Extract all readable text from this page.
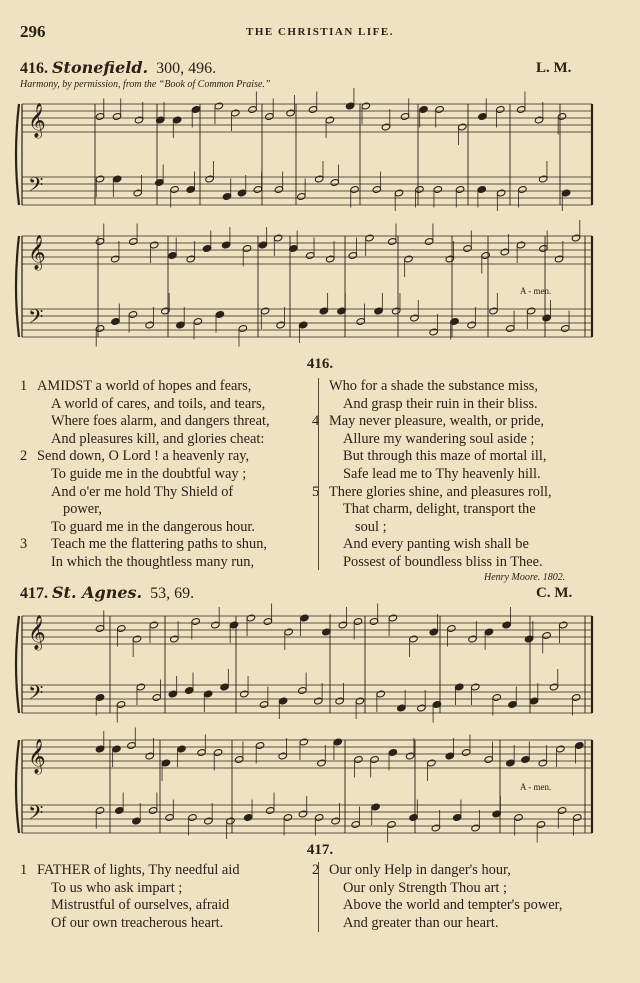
296	THE CHRISTIAN LIFE.
416. Stonefield. 300, 496.	L. M.
Harmony, by permission, from the “Book of Common Praise.”
𝄞
𝄢
𝄞
𝄢
𝄞
𝄢
𝄞
𝄢
A - men.
A - men.
416.
1 AMIDST a world of hopes and fears,
A world of cares, and toils, and tears,
Where foes alarm, and dangers threat,
And pleasures kill, and glories cheat:
2 Send down, O Lord ! a heavenly ray,
To guide me in the doubtful way ;
And o'er me hold Thy Shield of
power,
To guard me in the dangerous hour.
3	Teach me the flattering paths to shun,
In which the thoughtless many run,
Who for a shade the substance miss,
And grasp their ruin in their bliss.
4 May never pleasure, wealth, or pride,
Allure my wandering soul aside ;
But through this maze of mortal ill,
Safe lead me to Thy heavenly hill.
5 There glories shine, and pleasures roll,
That charm, delight, transport the
soul ;
And every panting wish shall be
Possest of boundless bliss in Thee.
Henry Moore. 1802.
417. St. Agnes. 53, 69.	C. M.
417.
1 FATHER of lights, Thy needful aid
To us who ask impart ;
Mistrustful of ourselves, afraid
Of our own treacherous heart.
2 Our only Help in danger's hour,
Our only Strength Thou art ;
Above the world and tempter's power,
And greater than our heart.
